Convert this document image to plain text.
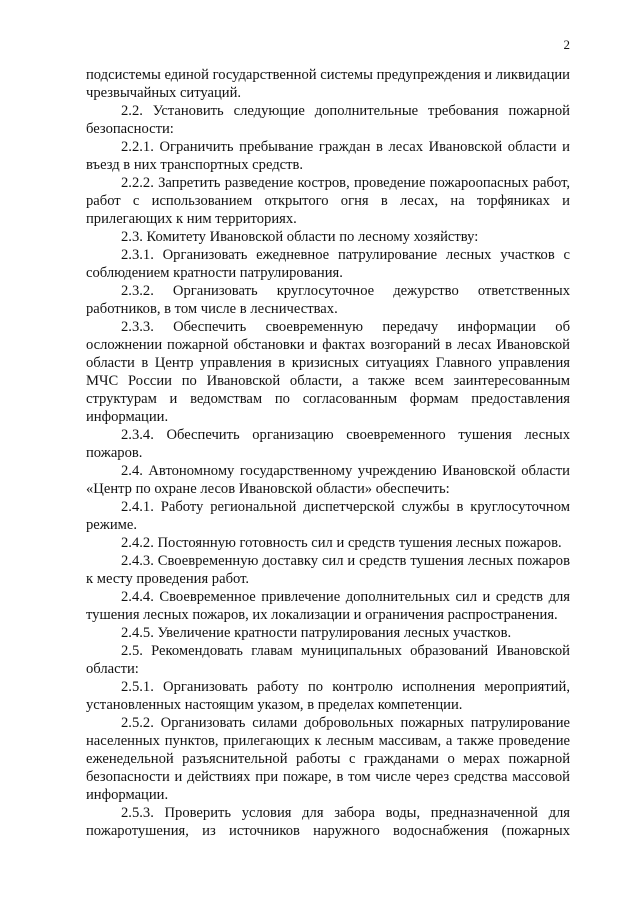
2

подсистемы единой государственной системы предупреждения и ликвидации чрезвычайных ситуаций.

2.2. Установить следующие дополнительные требования пожарной безопасности:

2.2.1. Ограничить пребывание граждан в лесах Ивановской области и въезд в них транспортных средств.

2.2.2. Запретить разведение костров, проведение пожароопасных работ, работ с использованием открытого огня в лесах, на торфяниках и прилегающих к ним территориях.

2.3. Комитету Ивановской области по лесному хозяйству:

2.3.1. Организовать ежедневное патрулирование лесных участков с соблюдением кратности патрулирования.

2.3.2. Организовать круглосуточное дежурство ответственных работников, в том числе в лесничествах.

2.3.3. Обеспечить своевременную передачу информации об осложнении пожарной обстановки и фактах возгораний в лесах Ивановской области в Центр управления в кризисных ситуациях Главного управления МЧС России по Ивановской области, а также всем заинтересованным структурам и ведомствам по согласованным формам предоставления информации.

2.3.4. Обеспечить организацию своевременного тушения лесных пожаров.

2.4. Автономному государственному учреждению Ивановской области «Центр по охране лесов Ивановской области» обеспечить:

2.4.1. Работу региональной диспетчерской службы в круглосуточном режиме.

2.4.2. Постоянную готовность сил и средств тушения лесных пожаров.

2.4.3. Своевременную доставку сил и средств тушения лесных пожаров к месту проведения работ.

2.4.4. Своевременное привлечение дополнительных сил и средств для тушения лесных пожаров, их локализации и ограничения распространения.

2.4.5. Увеличение кратности патрулирования лесных участков.

2.5. Рекомендовать главам муниципальных образований Ивановской области:

2.5.1. Организовать работу по контролю исполнения мероприятий, установленных настоящим указом, в пределах компетенции.

2.5.2. Организовать силами добровольных пожарных патрулирование населенных пунктов, прилегающих к лесным массивам, а также проведение еженедельной разъяснительной работы с гражданами о мерах пожарной безопасности и действиях при пожаре, в том числе через средства массовой информации.

2.5.3. Проверить условия для забора воды, предназначенной для пожаротушения, из источников наружного водоснабжения (пожарных
